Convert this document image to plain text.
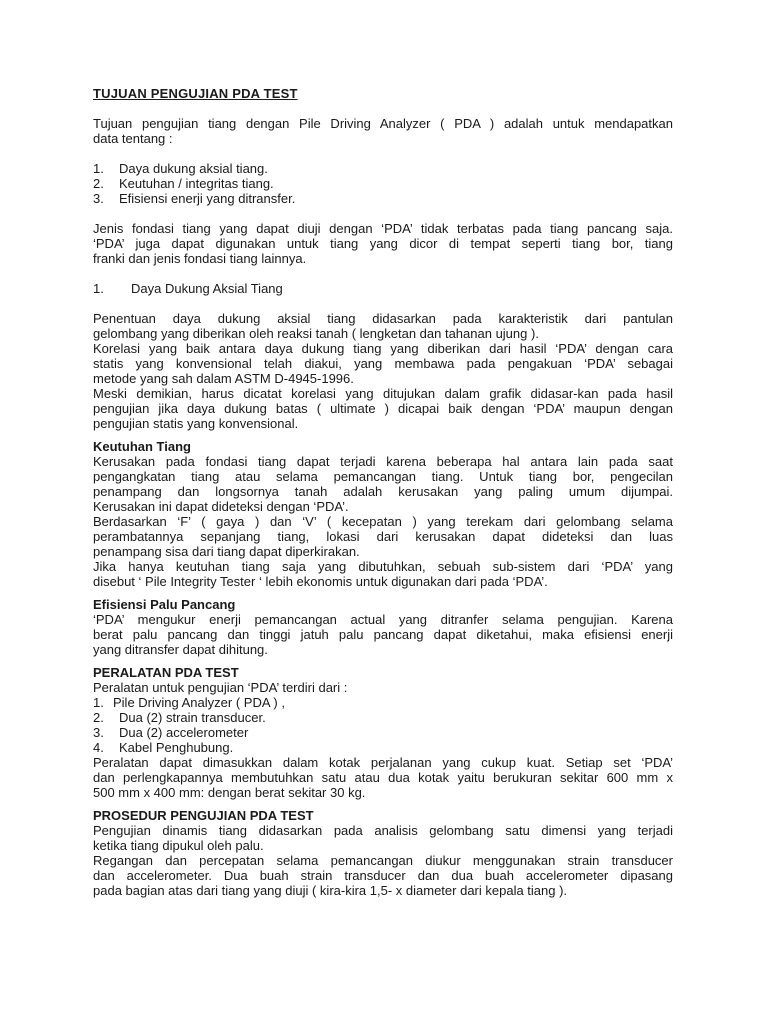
TUJUAN PENGUJIAN PDA TEST
Tujuan pengujian tiang dengan Pile Driving Analyzer ( PDA ) adalah untuk mendapatkan
data tentang :
1.	Daya dukung aksial tiang.
2.	Keutuhan / integritas tiang.
3.	Efisiensi enerji yang ditransfer.
Jenis fondasi tiang yang dapat diuji dengan ‘PDA’ tidak terbatas pada tiang pancang saja.
‘PDA’ juga dapat digunakan untuk tiang yang dicor di tempat seperti tiang bor, tiang
franki dan jenis fondasi tiang lainnya.
1.	Daya Dukung Aksial Tiang
Penentuan daya dukung aksial tiang didasarkan pada karakteristik dari pantulan
gelombang yang diberikan oleh reaksi tanah ( lengketan dan tahanan ujung ).
Korelasi yang baik antara daya dukung tiang yang diberikan dari hasil ‘PDA’ dengan cara
statis yang konvensional telah diakui, yang membawa pada pengakuan ‘PDA’ sebagai
metode yang sah dalam ASTM D-4945-1996.
Meski demikian, harus dicatat korelasi yang ditujukan dalam grafik didasar-kan pada hasil
pengujian jika daya dukung batas ( ultimate ) dicapai baik dengan ‘PDA’ maupun dengan
pengujian statis yang konvensional.
Keutuhan Tiang
Kerusakan pada fondasi tiang dapat terjadi karena beberapa hal antara lain pada saat
pengangkatan tiang atau selama pemancangan tiang. Untuk tiang bor, pengecilan
penampang dan longsornya tanah adalah kerusakan yang paling umum dijumpai.
Kerusakan ini dapat dideteksi dengan ‘PDA’.
Berdasarkan ‘F’ ( gaya ) dan ‘V’ ( kecepatan ) yang terekam dari gelombang selama
perambatannya sepanjang tiang, lokasi dari kerusakan dapat dideteksi dan luas
penampang sisa dari tiang dapat diperkirakan.
Jika hanya keutuhan tiang saja yang dibutuhkan, sebuah sub-sistem dari ‘PDA’ yang
disebut ‘ Pile Integrity Tester ‘ lebih ekonomis untuk digunakan dari pada ‘PDA’.
Efisiensi Palu Pancang
‘PDA’ mengukur enerji pemancangan actual yang ditranfer selama pengujian. Karena
berat palu pancang dan tinggi jatuh palu pancang dapat diketahui, maka efisiensi enerji
yang ditransfer dapat dihitung.
PERALATAN PDA TEST
Peralatan untuk pengujian ‘PDA’ terdiri dari :
1. Pile Driving Analyzer ( PDA ) ,
2.	Dua (2) strain transducer.
3.	Dua (2) accelerometer
4.	Kabel Penghubung.
Peralatan dapat dimasukkan dalam kotak perjalanan yang cukup kuat. Setiap set ‘PDA’
dan perlengkapannya membutuhkan satu atau dua kotak yaitu berukuran sekitar 600 mm x
500 mm x 400 mm: dengan berat sekitar 30 kg.
PROSEDUR PENGUJIAN PDA TEST
Pengujian dinamis tiang didasarkan pada analisis gelombang satu dimensi yang terjadi
ketika tiang dipukul oleh palu.
Regangan dan percepatan selama pemancangan diukur menggunakan strain transducer
dan accelerometer. Dua buah strain transducer dan dua buah accelerometer dipasang
pada bagian atas dari tiang yang diuji ( kira-kira 1,5- x diameter dari kepala tiang ).
